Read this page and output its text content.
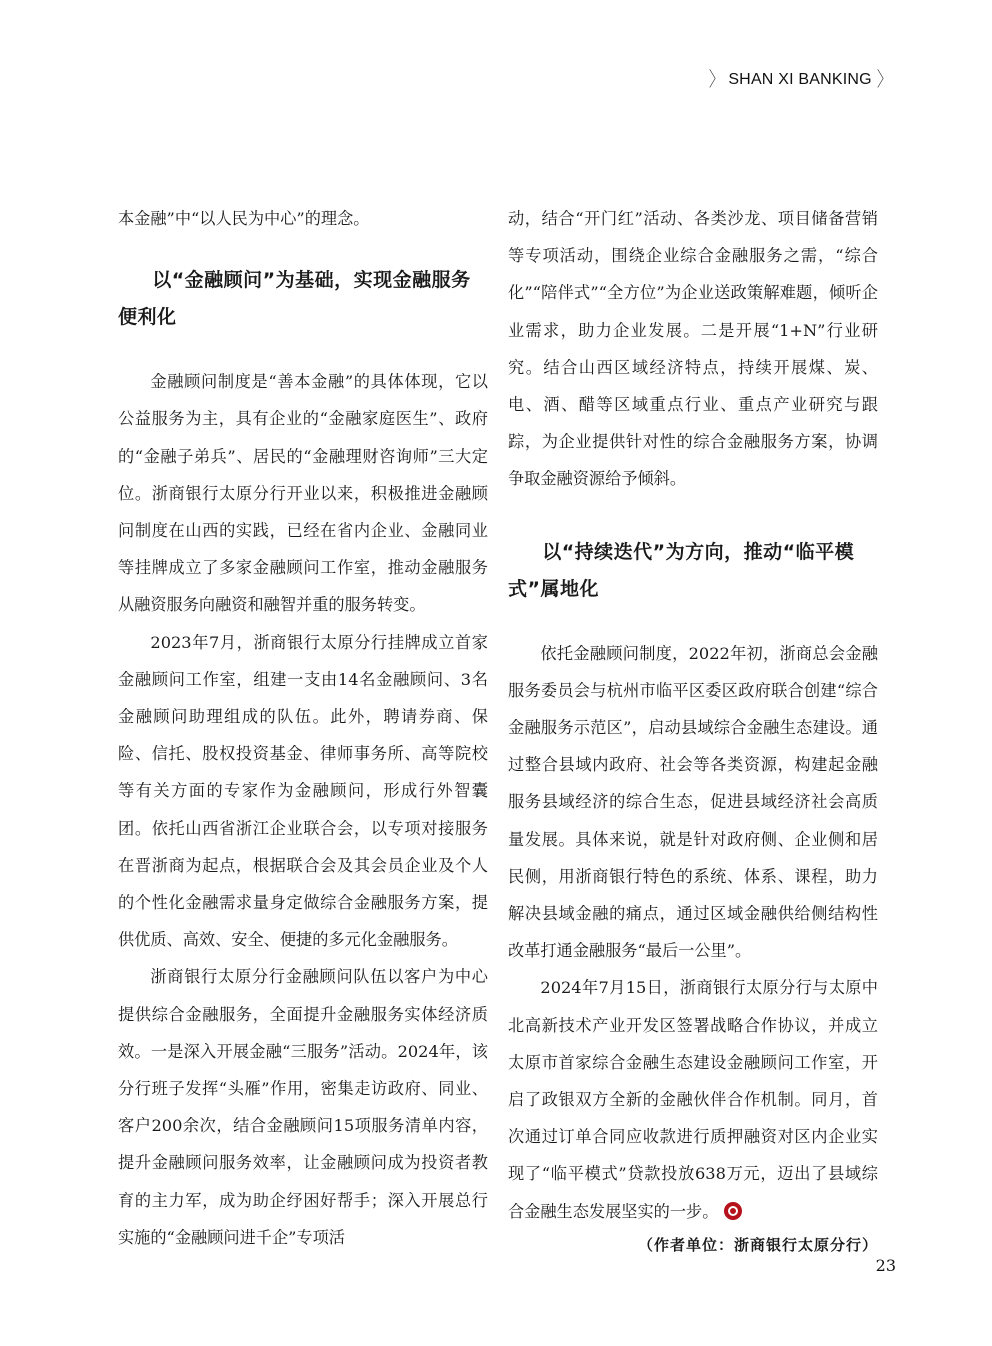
〉 SHAN XI BANKING 〉

本金融”中“以人民为中心”的理念。

以“金融顾问”为基础，实现金融服务便利化

金融顾问制度是“善本金融”的具体体现，它以公益服务为主，具有企业的“金融家庭医生”、政府的“金融子弟兵”、居民的“金融理财咨询师”三大定位。浙商银行太原分行开业以来，积极推进金融顾问制度在山西的实践，已经在省内企业、金融同业等挂牌成立了多家金融顾问工作室，推动金融服务从融资服务向融资和融智并重的服务转变。

2023年7月，浙商银行太原分行挂牌成立首家金融顾问工作室，组建一支由14名金融顾问、3名金融顾问助理组成的队伍。此外，聘请券商、保险、信托、股权投资基金、律师事务所、高等院校等有关方面的专家作为金融顾问，形成行外智囊团。依托山西省浙江企业联合会，以专项对接服务在晋浙商为起点，根据联合会及其会员企业及个人的个性化金融需求量身定做综合金融服务方案，提供优质、高效、安全、便捷的多元化金融服务。

浙商银行太原分行金融顾问队伍以客户为中心提供综合金融服务，全面提升金融服务实体经济质效。一是深入开展金融“三服务”活动。2024年，该分行班子发挥“头雁”作用，密集走访政府、同业、客户200余次，结合金融顾问15项服务清单内容，提升金融顾问服务效率，让金融顾问成为投资者教育的主力军，成为助企纾困好帮手；深入开展总行实施的“金融顾问进千企”专项活

动，结合“开门红”活动、各类沙龙、项目储备营销等专项活动，围绕企业综合金融服务之需，“综合化”“陪伴式”“全方位”为企业送政策解难题，倾听企业需求，助力企业发展。二是开展“1+N”行业研究。结合山西区域经济特点，持续开展煤、炭、电、酒、醋等区域重点行业、重点产业研究与跟踪，为企业提供针对性的综合金融服务方案，协调争取金融资源给予倾斜。

以“持续迭代”为方向，推动“临平模式”属地化

依托金融顾问制度，2022年初，浙商总会金融服务委员会与杭州市临平区委区政府联合创建“综合金融服务示范区”，启动县域综合金融生态建设。通过整合县域内政府、社会等各类资源，构建起金融服务县域经济的综合生态，促进县域经济社会高质量发展。具体来说，就是针对政府侧、企业侧和居民侧，用浙商银行特色的系统、体系、课程，助力解决县域金融的痛点，通过区域金融供给侧结构性改革打通金融服务“最后一公里”。

2024年7月15日，浙商银行太原分行与太原中北高新技术产业开发区签署战略合作协议，并成立太原市首家综合金融生态建设金融顾问工作室，开启了政银双方全新的金融伙伴合作机制。同月，首次通过订单合同应收款进行质押融资对区内企业实现了“临平模式”贷款投放638万元，迈出了县域综合金融生态发展坚实的一步。

（作者单位：浙商银行太原分行）

23
